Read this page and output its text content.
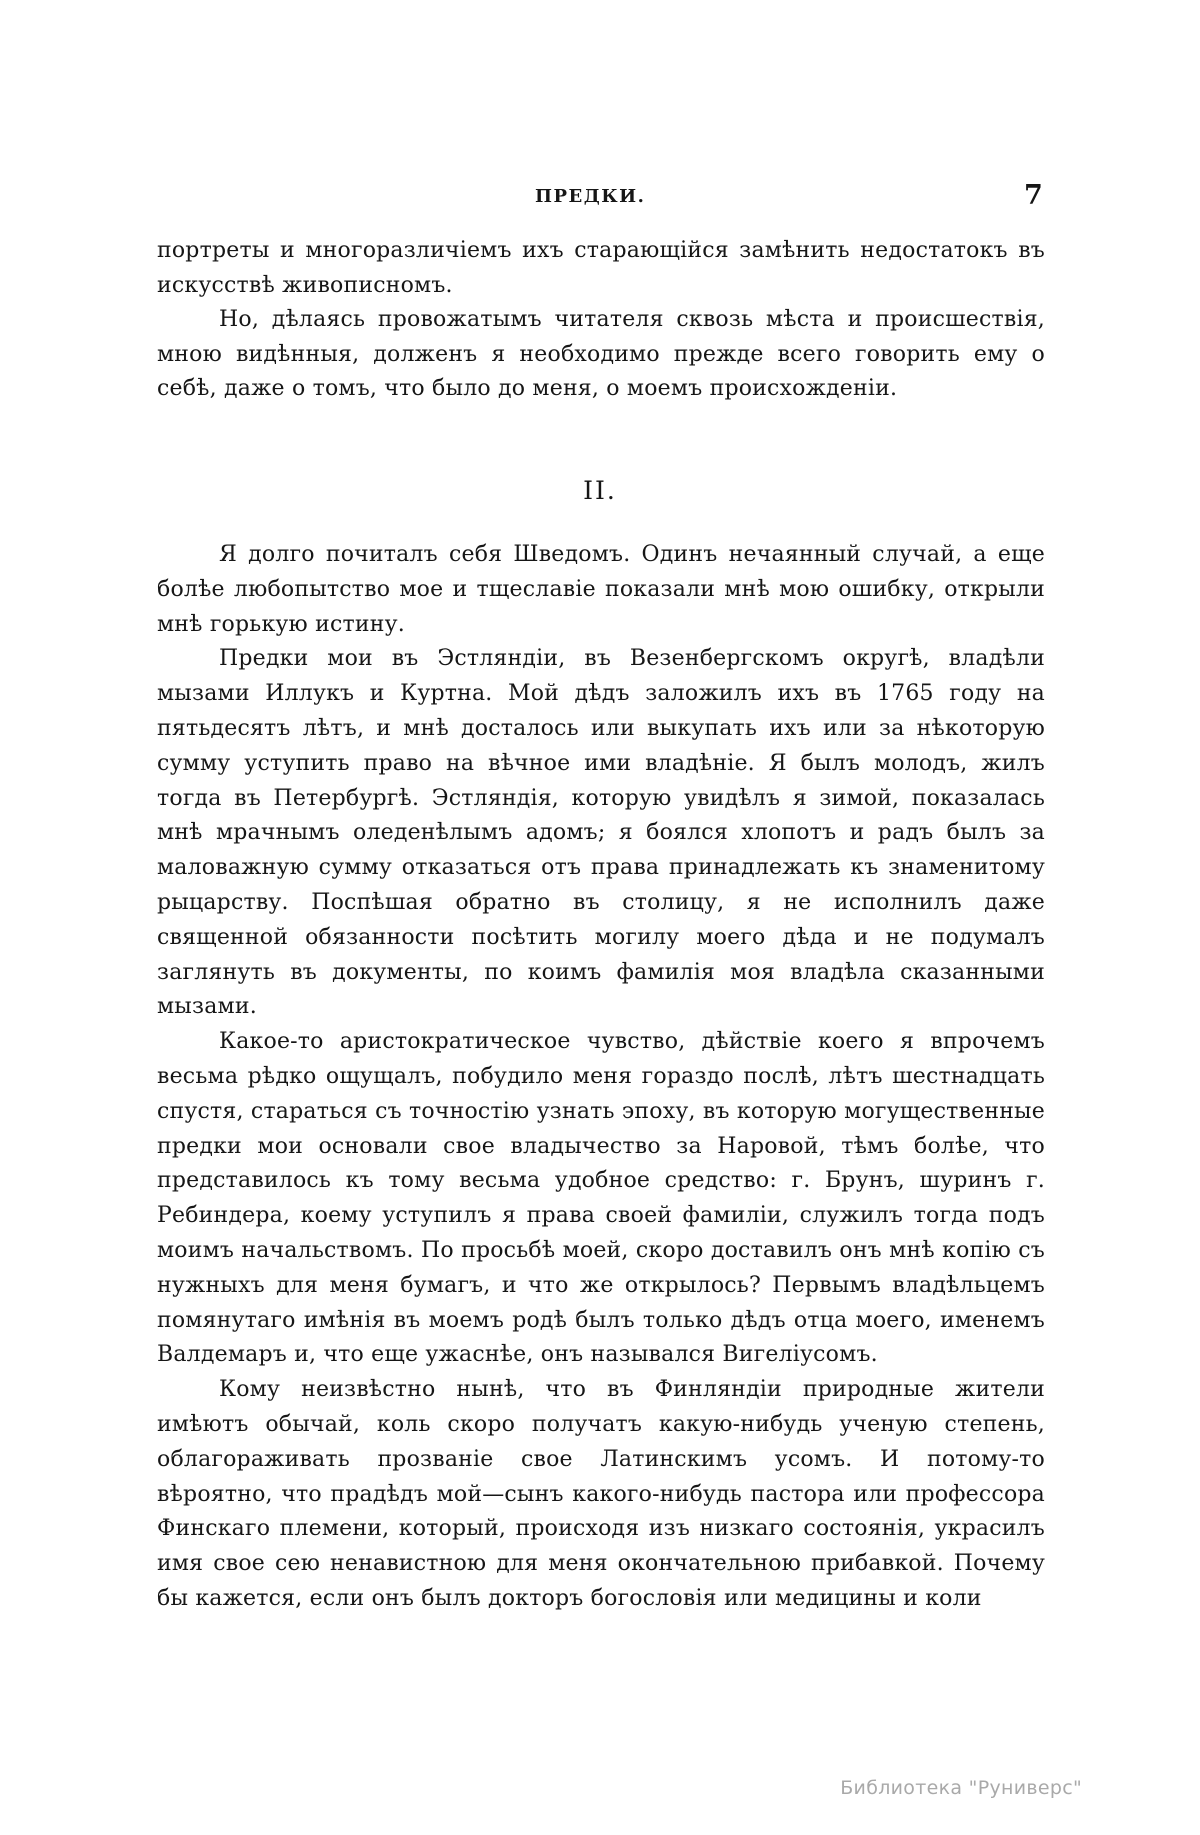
ПРЕДКИ.	7

портреты и многоразличіемъ ихъ старающійся замѣнить недостатокъ въ искусствѣ живописномъ.

Но, дѣлаясь провожатымъ читателя сквозь мѣста и происшествія, мною видѣнныя, долженъ я необходимо прежде всего говорить ему о себѣ, даже о томъ, что было до меня, о моемъ происхожденіи.

II.

Я долго почиталъ себя Шведомъ. Одинъ нечаянный случай, а еще болѣе любопытство мое и тщеславіе показали мнѣ мою ошибку, открыли мнѣ горькую истину.

Предки мои въ Эстляндіи, въ Везенбергскомъ округѣ, владѣли мызами Иллукъ и Куртна. Мой дѣдъ заложилъ ихъ въ 1765 году на пятьдесятъ лѣтъ, и мнѣ досталось или выкупать ихъ или за нѣкоторую сумму уступить право на вѣчное ими владѣніе. Я былъ молодъ, жилъ тогда въ Петербургѣ. Эстляндія, которую увидѣлъ я зимой, показалась мнѣ мрачнымъ оледенѣлымъ адомъ; я боялся хлопотъ и радъ былъ за маловажную сумму отказаться отъ права принадлежать къ знаменитому рыцарству. Поспѣшая обратно въ столицу, я не исполнилъ даже священной обязанности посѣтить могилу моего дѣда и не подумалъ заглянуть въ документы, по коимъ фамилія моя владѣла сказанными мызами.

Какое-то аристократическое чувство, дѣйствіе коего я впрочемъ весьма рѣдко ощущалъ, побудило меня гораздо послѣ, лѣтъ шестнадцать спустя, стараться съ точностію узнать эпоху, въ которую могущественные предки мои основали свое владычество за Наровой, тѣмъ болѣе, что представилось къ тому весьма удобное средство: г. Брунъ, шуринъ г. Ребиндера, коему уступилъ я права своей фамиліи, служилъ тогда подъ моимъ начальствомъ. По просьбѣ моей, скоро доставилъ онъ мнѣ копію съ нужныхъ для меня бумагъ, и что же открылось? Первымъ владѣльцемъ помянутаго имѣнія въ моемъ родѣ былъ только дѣдъ отца моего, именемъ Валдемаръ и, что еще ужаснѣе, онъ назывался Вигеліусомъ.

Кому неизвѣстно нынѣ, что въ Финляндіи природные жители имѣютъ обычай, коль скоро получатъ какую-нибудь ученую степень, облагораживать прозваніе свое Латинскимъ усомъ. И потому-то вѣроятно, что прадѣдъ мой—сынъ какого-нибудь пастора или профессора Финскаго племени, который, происходя изъ низкаго состоянія, украсилъ имя свое сею ненавистною для меня окончательною прибавкой. Почему бы кажется, если онъ былъ докторъ богословія или медицины и коли

Библиотека "Руниверс"
